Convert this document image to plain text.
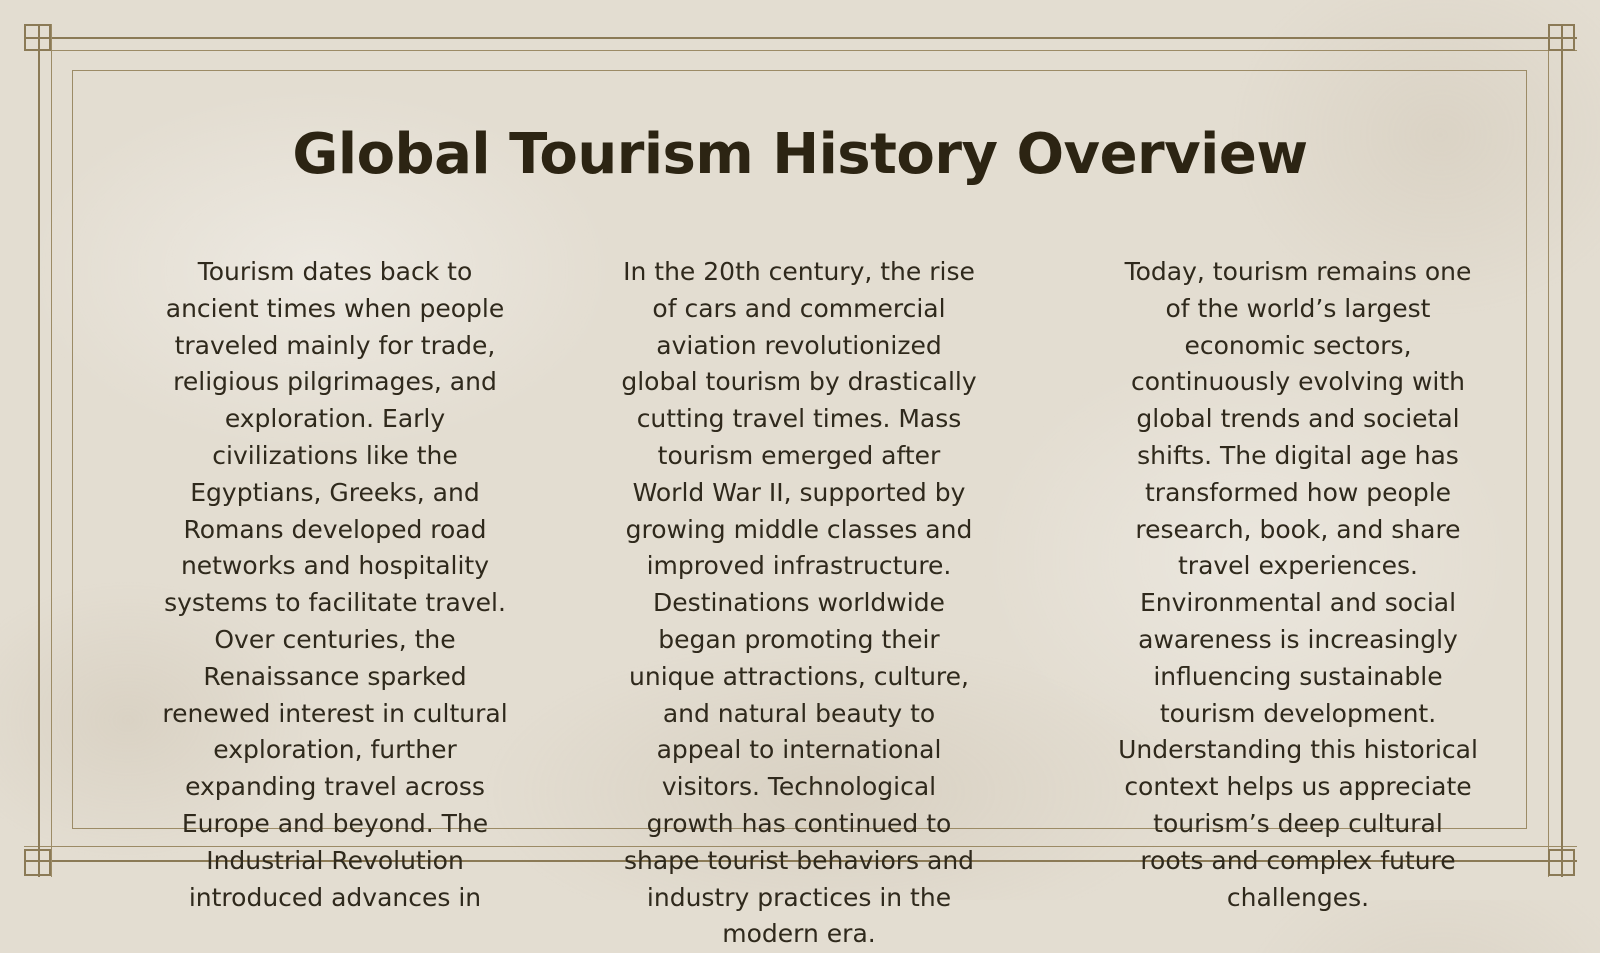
Global Tourism History Overview

Tourism dates back to ancient times when people traveled mainly for trade, religious pilgrimages, and exploration. Early civilizations like the Egyptians, Greeks, and Romans developed road networks and hospitality systems to facilitate travel. Over centuries, the Renaissance sparked renewed interest in cultural exploration, further expanding travel across Europe and beyond. The Industrial Revolution introduced advances in

In the 20th century, the rise of cars and commercial aviation revolutionized global tourism by drastically cutting travel times. Mass tourism emerged after World War II, supported by growing middle classes and improved infrastructure. Destinations worldwide began promoting their unique attractions, culture, and natural beauty to appeal to international visitors. Technological growth has continued to shape tourist behaviors and industry practices in the modern era.

Today, tourism remains one of the world’s largest economic sectors, continuously evolving with global trends and societal shifts. The digital age has transformed how people research, book, and share travel experiences. Environmental and social awareness is increasingly influencing sustainable tourism development. Understanding this historical context helps us appreciate tourism’s deep cultural roots and complex future challenges.
